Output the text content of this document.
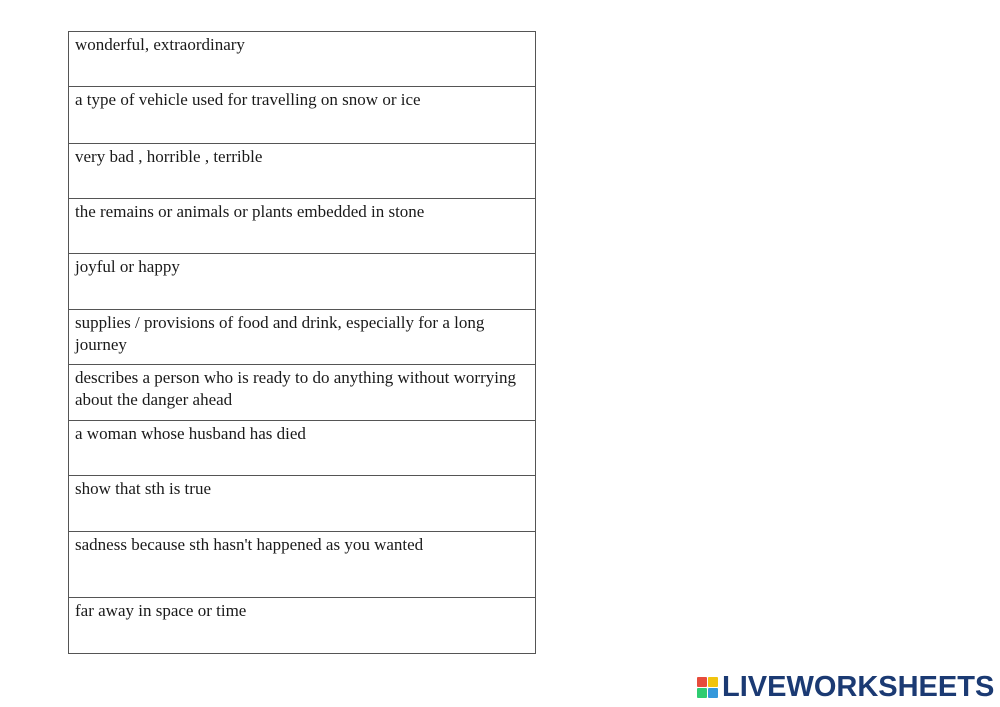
wonderful, extraordinary
a type of vehicle used for travelling on snow or ice
very bad , horrible , terrible
the remains or animals or plants embedded in stone
joyful or happy
supplies / provisions of food and drink, especially for a long journey
describes a person who is ready to do anything without worrying about the danger ahead
a woman whose husband has died
show that sth is true
sadness because sth hasn't happened as you wanted
far away in space or time
LIVEWORKSHEETS
